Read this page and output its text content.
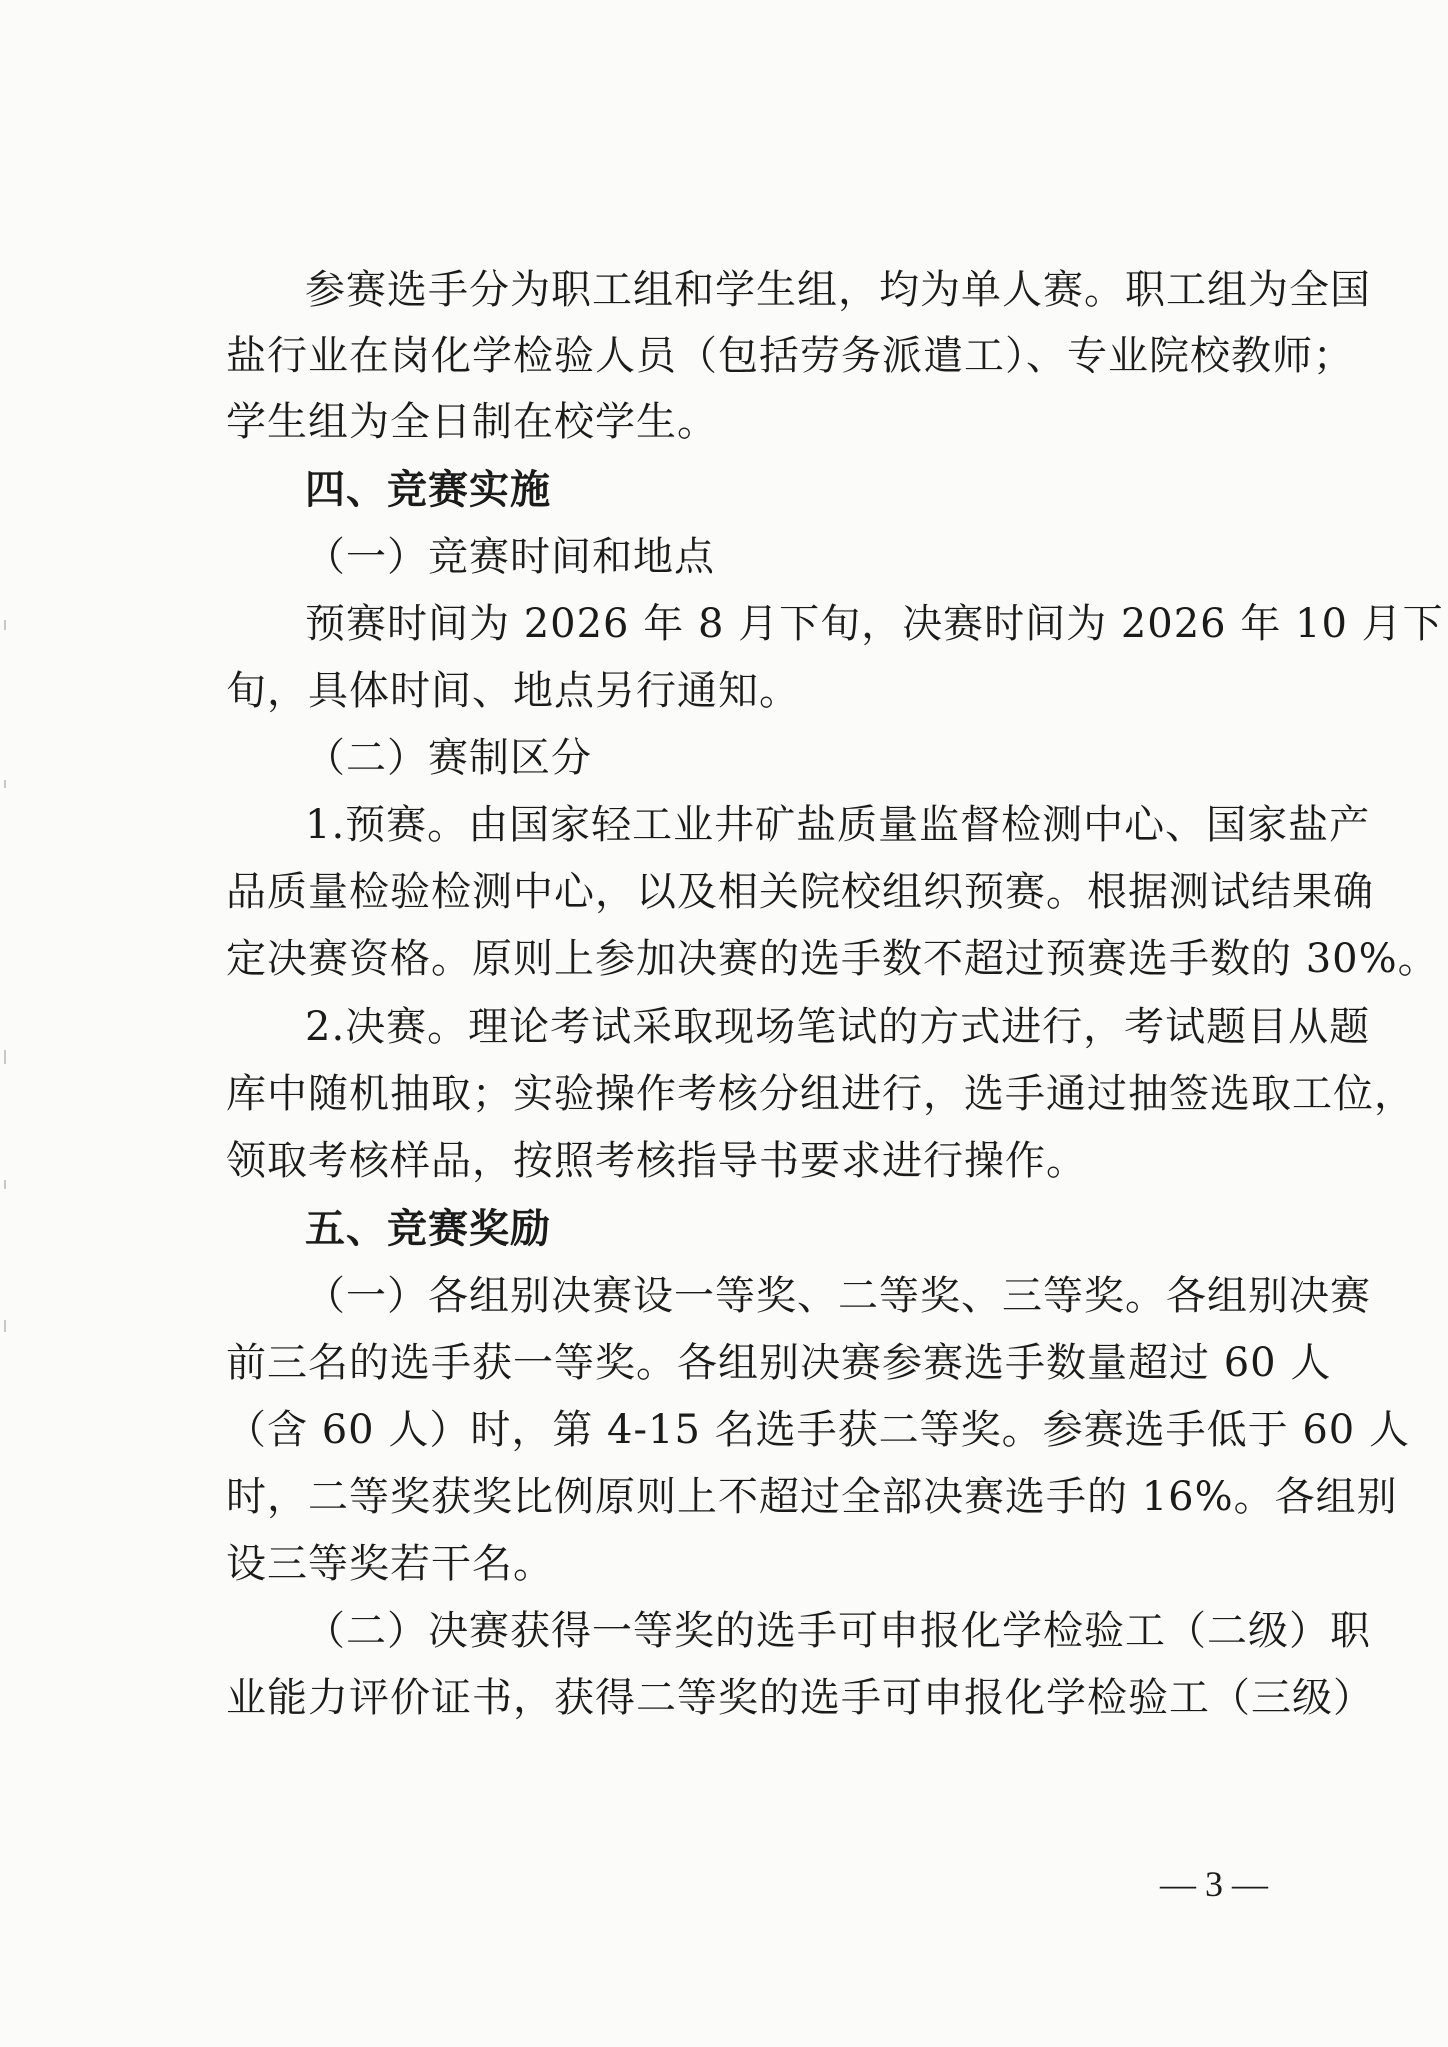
参赛选手分为职工组和学生组，均为单人赛。职工组为全国
盐行业在岗化学检验人员（包括劳务派遣工）、专业院校教师；
学生组为全日制在校学生。
四、竞赛实施
（一）竞赛时间和地点
预赛时间为 2026 年 8 月下旬，决赛时间为 2026 年 10 月下
旬，具体时间、地点另行通知。
（二）赛制区分
1.预赛。由国家轻工业井矿盐质量监督检测中心、国家盐产
品质量检验检测中心，以及相关院校组织预赛。根据测试结果确
定决赛资格。原则上参加决赛的选手数不超过预赛选手数的 30%。
2.决赛。理论考试采取现场笔试的方式进行，考试题目从题
库中随机抽取；实验操作考核分组进行，选手通过抽签选取工位，
领取考核样品，按照考核指导书要求进行操作。
五、竞赛奖励
（一）各组别决赛设一等奖、二等奖、三等奖。各组别决赛
前三名的选手获一等奖。各组别决赛参赛选手数量超过 60 人
（含 60 人）时，第 4-15 名选手获二等奖。参赛选手低于 60 人
时，二等奖获奖比例原则上不超过全部决赛选手的 16%。各组别
设三等奖若干名。
（二）决赛获得一等奖的选手可申报化学检验工（二级）职
业能力评价证书，获得二等奖的选手可申报化学检验工（三级）
— 3 —
